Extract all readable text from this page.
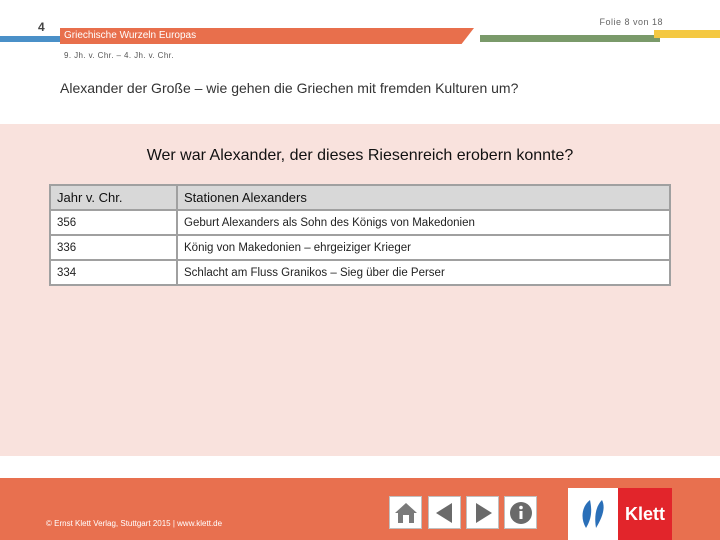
4	Folie 8 von 18
Griechische Wurzeln Europas
9. Jh. v. Chr. – 4. Jh. v. Chr.
Alexander der Große – wie gehen die Griechen mit fremden Kulturen um?
Wer war Alexander, der dieses Riesenreich erobern konnte?
Jahr v. Chr.	Stationen Alexanders
356	Geburt Alexanders als Sohn des Königs von Makedonien
336	König von Makedonien – ehrgeiziger Krieger
334	Schlacht am Fluss Granikos – Sieg über die Perser
© Ernst Klett Verlag, Stuttgart 2015 | www.klett.de	Klett
